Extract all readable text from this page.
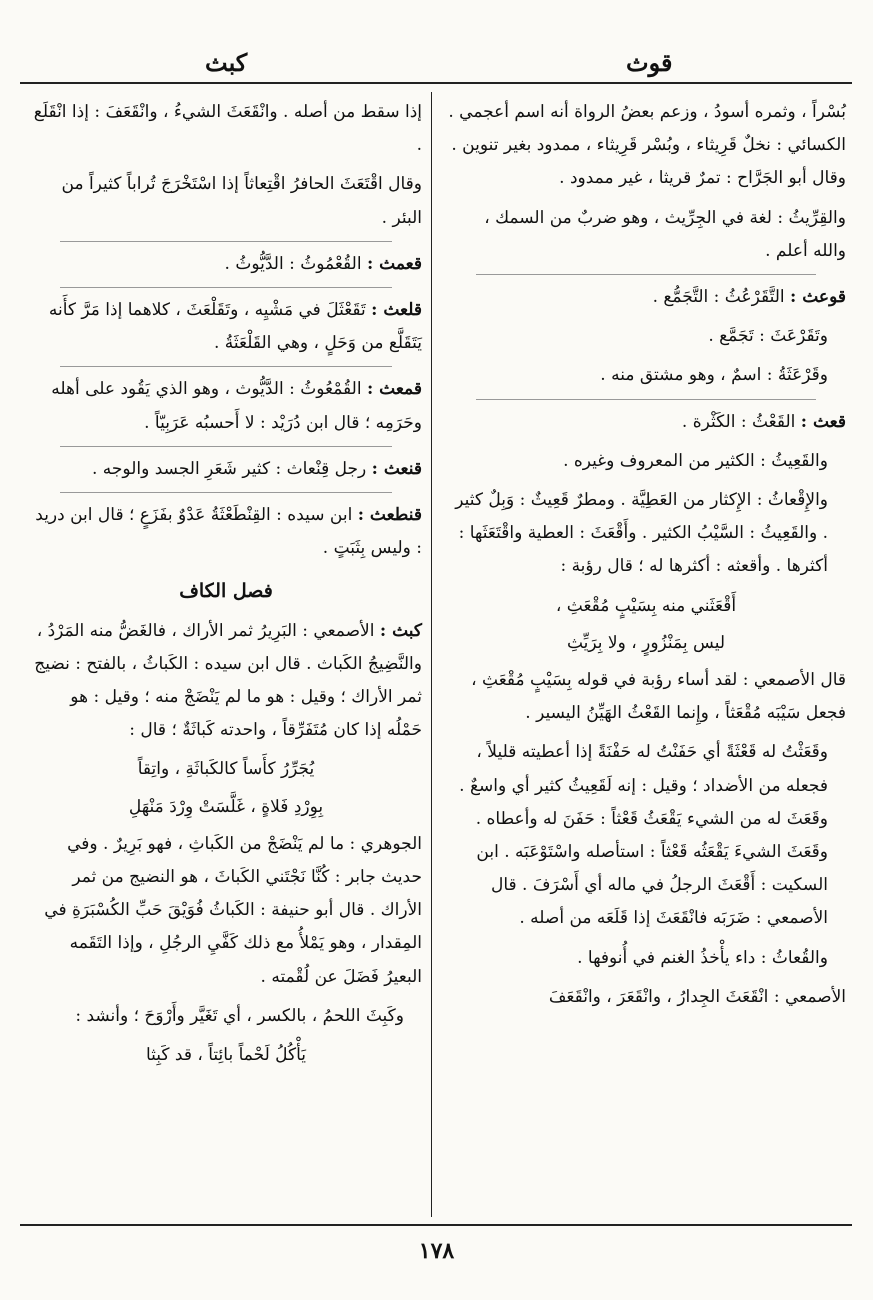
قوث
كبث
بُسْراً ، وثمره أسودُ ، وزعم بعضُ الرواة أنه اسم أعجمي . الكسائي : نخلٌ قَرِيثاء ، وبُسْر قَرِيثاء ، ممدود بغير تنوين . وقال أبو الجَرَّاح : تمرٌ قريثا ، غير ممدود .
والقِرِّيثُ : لغة في الجِرِّيث ، وهو ضربٌ من السمك ، والله أعلم .
قوعث : التَّقَرْعُثُ : التَّجَمُّع .
وتَقَرْعَثَ : تَجَمَّع .
وقَرْعَثَةُ : اسمٌ ، وهو مشتق منه .
قعث : القَعْثُ : الكَثْرة .
والقَعِيثُ : الكثير من المعروف وغيره .
والإِقْعاثُ : الإِكثار من العَطِيَّة . ومطرٌ قَعِيثٌ : وَبِلٌ كثير . والقَعِيثُ : السَّيْبُ الكثير . وأَقْعَثَ : العطية واقْتَعَثَها : أكثرها . وأقعثه : أكثرها له ؛ قال رؤبة :
أَقْعَثَني منه بِسَيْبٍ مُقْعَثِ ،
ليس بِمَنْزُورٍ ، ولا بِرَيِّثِ
قال الأصمعي : لقد أساء رؤبة في قوله بِسَيْبٍ مُقْعَثِ ، فجعل سَيْبَه مُقْعَثاً ، وإِنما القَعْثُ الهَيِّنُ اليسير .
وقَعَثْتُ له قَعْثَةً أي حَفَنْتُ له حَفْنَةً إذا أعطيته قليلاً ، فجعله من الأضداد ؛ وقيل : إنه لَقَعِيثُ كثير أي واسعٌ . وقَعَثَ له من الشيء يَقْعَثُ قَعْثاً : حَفَنَ له وأعطاه . وقَعَثَ الشيءَ يَقْعَثُه قَعْثاً : استأصله واسْتَوْعَبَه . ابن السكيت : أَقْعَثَ الرجلُ في ماله أي أَسْرَفَ . قال الأصمعي : ضَرَبَه فانْقَعَثَ إذا قَلَعَه من أصله .
والقُعاثُ : داء يأْخذُ الغنم في أُنوفها .
الأصمعي : انْقَعَثَ الجِدارُ ، وانْقَعَرَ ، وانْقَعَفَ
إذا سقط من أصله . وانْقَعَثَ الشيءُ ، وانْقَعَفَ : إذا انْقَلَع .
وقال اقْتَعَثَ الحافرُ اقْتِعاثاً إذا اسْتَخْرَجَ تُراباً كثيراً من البئر .
قعمث : القُعْمُوثُ : الدَّيُّوثُ .
قلعث : تَقَعْثَلَ في مَشْيِه ، وتَقَلْعَثَ ، كلاهما إذا مَرَّ كأَنه يَتَقَلَّع من وَحَلٍ ، وهي القَلْعَثَةُ .
قمعث : القُمْعُوثُ : الدَّيُّوث ، وهو الذي يَقُود على أهله وحَرَمِه ؛ قال ابن دُرَيْد : لا أَحسبُه عَرَبِيّاً .
قنعث : رجل قِنْعاث : كثير شَعَرِ الجسد والوجه .
قنطعث : ابن سيده : القِنْطَعْثَةُ عَدْوٌ بفَزَعٍ ؛ قال ابن دريد : وليس بِثَبَتٍ .
فصل الكاف
كبث : الأصمعي : البَرِيرُ ثمر الأراك ، فالغَضُّ منه المَرْدُ ، والنَّضِيجُ الكَباث . قال ابن سيده : الكَباثُ ، بالفتح : نضيج ثمر الأراك ؛ وقيل : هو ما لم يَنْضَجْ منه ؛ وقيل : هو حَمْلُه إذا كان مُتَفَرِّقاً ، واحدته كَباثَةٌ ؛ قال :
يُجَرِّرُ كأَساً كالكَباثَةِ ، واتِقاً
بِوِرْدِ فَلاةٍ ، غَلَّسَتْ وِرْدَ مَنْهَلِ
الجوهري : ما لم يَنْضَجْ من الكَباثِ ، فهو بَرِيرٌ . وفي حديث جابر : كُنَّا نَجْتَني الكَباثَ ، هو النضيج من ثمر الأراك . قال أبو حنيفة : الكَباثُ فُوَيْقَ حَبِّ الكُسْبَرَةِ في المِقدار ، وهو يَمْلأُ مع ذلك كَفَّيِ الرجُلِ ، وإذا التَقَمه البعيرُ فَضَلَ عن لُقْمته .
وكَبِثَ اللحمُ ، بالكسر ، أي تَغَيَّر وأَرْوَحَ ؛ وأنشد :
يَأْكُلُ لَحْماً بائِتاً ، قد كَبِثا
١٧٨
